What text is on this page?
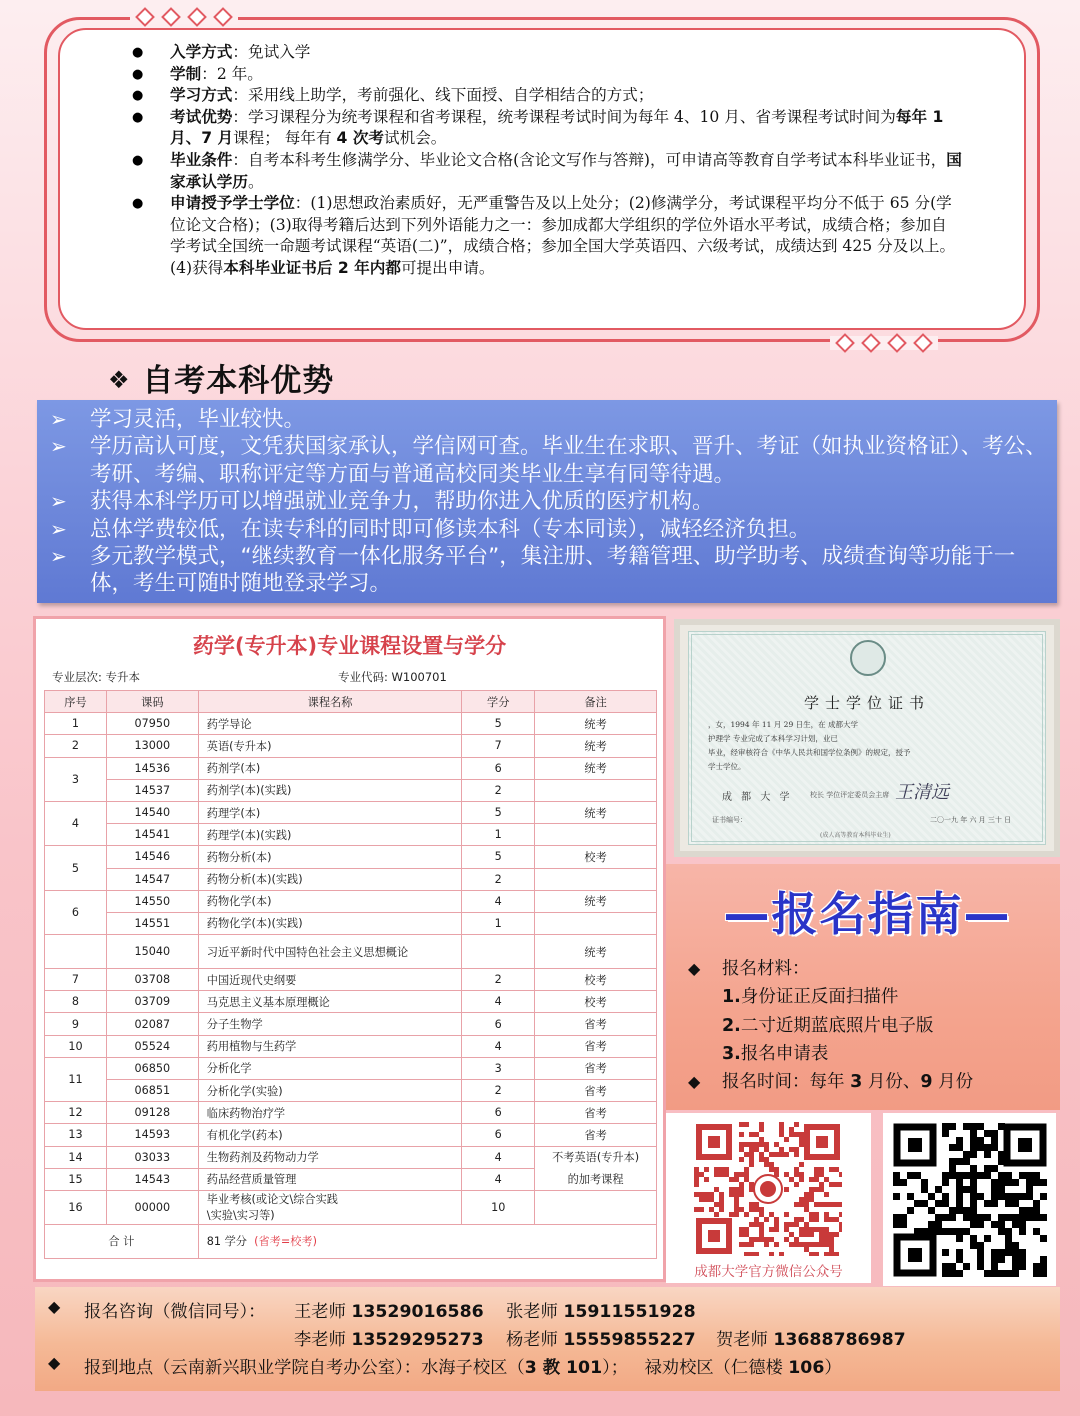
● 入学方式：免试入学
● 学制：2 年。
● 学习方式：采用线上助学，考前强化、线下面授、自学相结合的方式；
● 考试优势：学习课程分为统考课程和省考课程，统考课程考试时间为每年 4、10 月、省考课程考试时间为每年 1 月、7 月课程； 每年有 4 次考试机会。
● 毕业条件：自考本科考生修满学分、毕业论文合格(含论文写作与答辩)，可申请高等教育自学考试本科毕业证书，国家承认学历。
● 申请授予学士学位：(1)思想政治素质好，无严重警告及以上处分；(2)修满学分，考试课程平均分不低于 65 分(学位论文合格)；(3)取得考籍后达到下列外语能力之一：参加成都大学组织的学位外语水平考试，成绩合格；参加自学考试全国统一命题考试课程“英语(二)”，成绩合格；参加全国大学英语四、六级考试，成绩达到 425 分及以上。(4)获得本科毕业证书后 2 年内都可提出申请。
❖ 自考本科优势
➢ 学习灵活，毕业较快。
➢ 学历高认可度，文凭获国家承认，学信网可查。毕业生在求职、晋升、考证（如执业资格证）、考公、考研、考编、职称评定等方面与普通高校同类毕业生享有同等待遇。
➢ 获得本科学历可以增强就业竞争力，帮助你进入优质的医疗机构。
➢ 总体学费较低，在读专科的同时即可修读本科（专本同读），减轻经济负担。
➢ 多元教学模式，“继续教育一体化服务平台”，集注册、考籍管理、助学助考、成绩查询等功能于一体，考生可随时随地登录学习。
药学(专升本)专业课程设置与学分
专业层次: 专升本	专业代码: W100701
序号	课码	课程名称	学分	备注
1	07950	药学导论	5	统考
2	13000	英语(专升本)	7	统考
3	14536	药剂学(本)	6	统考
	14537	药剂学(本)(实践)	2	
4	14540	药理学(本)	5	统考
	14541	药理学(本)(实践)	1	
5	14546	药物分析(本)	5	校考
	14547	药物分析(本)(实践)	2	
6	14550	药物化学(本)	4	统考
	14551	药物化学(本)(实践)	1	
	15040	习近平新时代中国特色社会主义思想概论		统考
7	03708	中国近现代史纲要	2	校考
8	03709	马克思主义基本原理概论	4	校考
9	02087	分子生物学	6	省考
10	05524	药用植物与生药学	4	省考
11	06850	分析化学	3	省考
	06851	分析化学(实验)	2	省考
12	09128	临床药物治疗学	6	省考
13	14593	有机化学(药本)	6	省考
14	03033	生物药剂及药物动力学	4	不考英语(专升本)
15	14543	药品经营质量管理	4	的加考课程
16	00000	毕业考核(或论文\综合实践
\实验\实习等)	10	
合 计		81 学分 (省考=校考)		
学士学位证书
，女，1994 年 11 月 29 日生，在 成都大学
护理学 专业完成了本科学习计划，业已
毕业，经审核符合《中华人民共和国学位条例》的规定，授予
学士学位。
成 都 大 学 校长 学位评定委员会主席 王清远
证书编号：	二〇一九 年 六 月 三十 日
(成人高等教育本科毕业生)
—报名指南—
◆ 报名材料：
1.身份证正反面扫描件
2.二寸近期蓝底照片电子版
3.报名申请表
◆ 报名时间：每年 3 月份、9 月份
成都大学官方微信公众号
◆ 报名咨询（微信同号）： 王老师 13529016586 张老师 15911551928
李老师 13529295273 杨老师 15559855227 贺老师 13688786987
◆ 报到地点（云南新兴职业学院自考办公室）：水海子校区（3 教 101）； 禄劝校区（仁德楼 106）
